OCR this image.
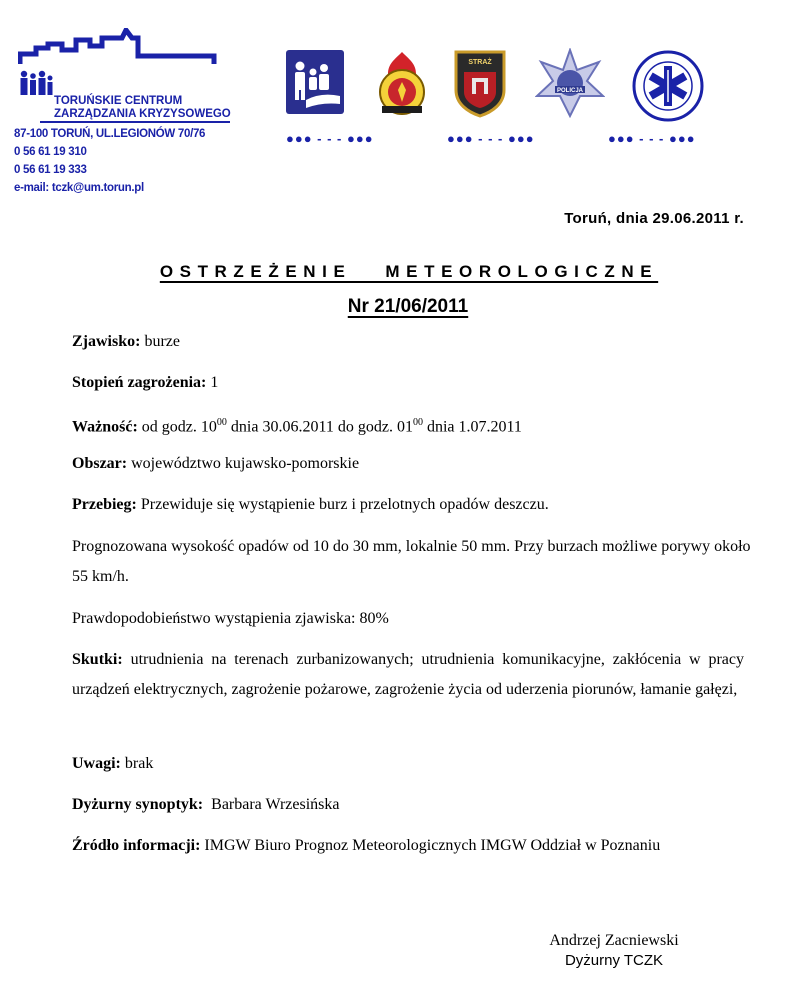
TORUŃSKIE CENTRUM
ZARZĄDZANIA KRYZYSOWEGO
87-100 TORUŃ, UL.LEGIONÓW 70/76
0 56 61 19 310
0 56 61 19 333
e-mail: tczk@um.torun.pl
STRAŻ
POLICJA
●●● - - - ●●●	●●● - - - ●●●	●●● - - - ●●●
Toruń, dnia 29.06.2011 r.
OSTRZEŻENIE   METEOROLOGICZNE
Nr 21/06/2011
Zjawisko: burze
Stopień zagrożenia: 1
Ważność: od godz. $10^{00}$ dnia 30.06.2011 do godz. $01^{00}$ dnia 1.07.2011
Obszar: województwo kujawsko-pomorskie
Przebieg: Przewiduje się wystąpienie burz i przelotnych opadów deszczu.
Prognozowana wysokość opadów od 10 do 30 mm, lokalnie 50 mm. Przy burzach możliwe porywy około 55 km/h.
Prawdopodobieństwo wystąpienia zjawiska: 80%
Skutki: utrudnienia na terenach zurbanizowanych; utrudnienia komunikacyjne, zakłócenia w pracy urządzeń elektrycznych, zagrożenie pożarowe, zagrożenie życia od uderzenia piorunów, łamanie gałęzi,
Uwagi: brak
Dyżurny synoptyk: Barbara Wrzesińska
Źródło informacji: IMGW Biuro Prognoz Meteorologicznych IMGW Oddział w Poznaniu
Andrzej Zacniewski
Dyżurny TCZK
